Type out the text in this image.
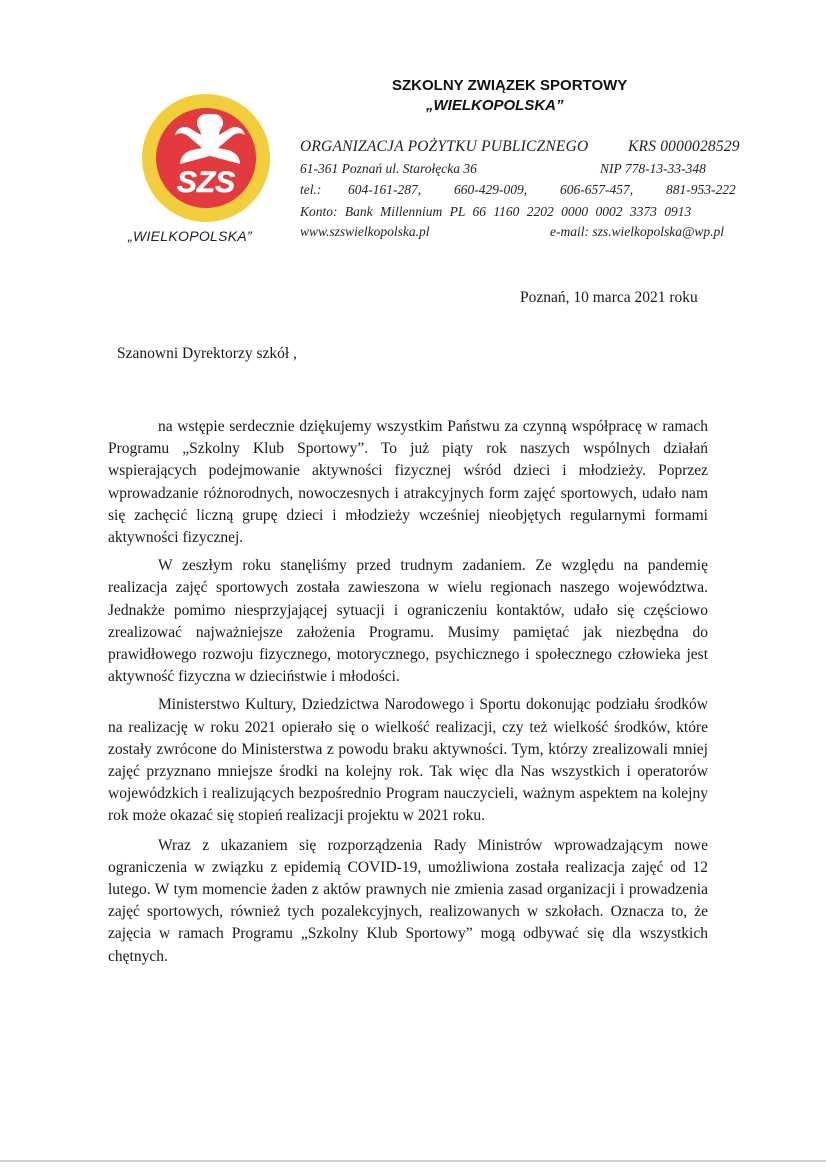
SZS
„WIELKOPOLSKA”
SZKOLNY ZWIĄZEK SPORTOWY
„WIELKOPOLSKA”
ORGANIZACJA POŻYTKU PUBLICZNEGO	KRS 0000028529
61-361 Poznań ul. Starołęcka 36	NIP 778-13-33-348
tel.: 604-161-287, 660-429-009, 606-657-457, 881-953-222
Konto: Bank Millennium PL 66 1160 2202 0000 0002 3373 0913
www.szswielkopolska.pl	e-mail: szs.wielkopolska@wp.pl
Poznań, 10 marca 2021 roku
Szanowni Dyrektorzy szkół ,

na wstępie serdecznie dziękujemy wszystkim Państwu za czynną współpracę w ramach Programu „Szkolny Klub Sportowy”. To już piąty rok naszych wspólnych działań wspierających podejmowanie aktywności fizycznej wśród dzieci i młodzieży. Poprzez wprowadzanie różnorodnych, nowoczesnych i atrakcyjnych form zajęć sportowych, udało nam się zachęcić liczną grupę dzieci i młodzieży wcześniej nieobjętych regularnymi formami aktywności fizycznej.

W zeszłym roku stanęliśmy przed trudnym zadaniem. Ze względu na pandemię realizacja zajęć sportowych została zawieszona w wielu regionach naszego województwa. Jednakże pomimo niesprzyjającej sytuacji i ograniczeniu kontaktów, udało się częściowo zrealizować najważniejsze założenia Programu. Musimy pamiętać jak niezbędna do prawidłowego rozwoju fizycznego, motorycznego, psychicznego i społecznego człowieka jest aktywność fizyczna w dzieciństwie i młodości.

Ministerstwo Kultury, Dziedzictwa Narodowego i Sportu dokonując podziału środków na realizację w roku 2021 opierało się o wielkość realizacji, czy też wielkość środków, które zostały zwrócone do Ministerstwa z powodu braku aktywności. Tym, którzy zrealizowali mniej zajęć przyznano mniejsze środki na kolejny rok. Tak więc dla Nas wszystkich i operatorów wojewódzkich i realizujących bezpośrednio Program nauczycieli, ważnym aspektem na kolejny rok może okazać się stopień realizacji projektu w 2021 roku.

Wraz z ukazaniem się rozporządzenia Rady Ministrów wprowadzającym nowe ograniczenia w związku z epidemią COVID-19, umożliwiona została realizacja zajęć od 12 lutego. W tym momencie żaden z aktów prawnych nie zmienia zasad organizacji i prowadzenia zajęć sportowych, również tych pozalekcyjnych, realizowanych w szkołach. Oznacza to, że zajęcia w ramach Programu „Szkolny Klub Sportowy” mogą odbywać się dla wszystkich chętnych.
